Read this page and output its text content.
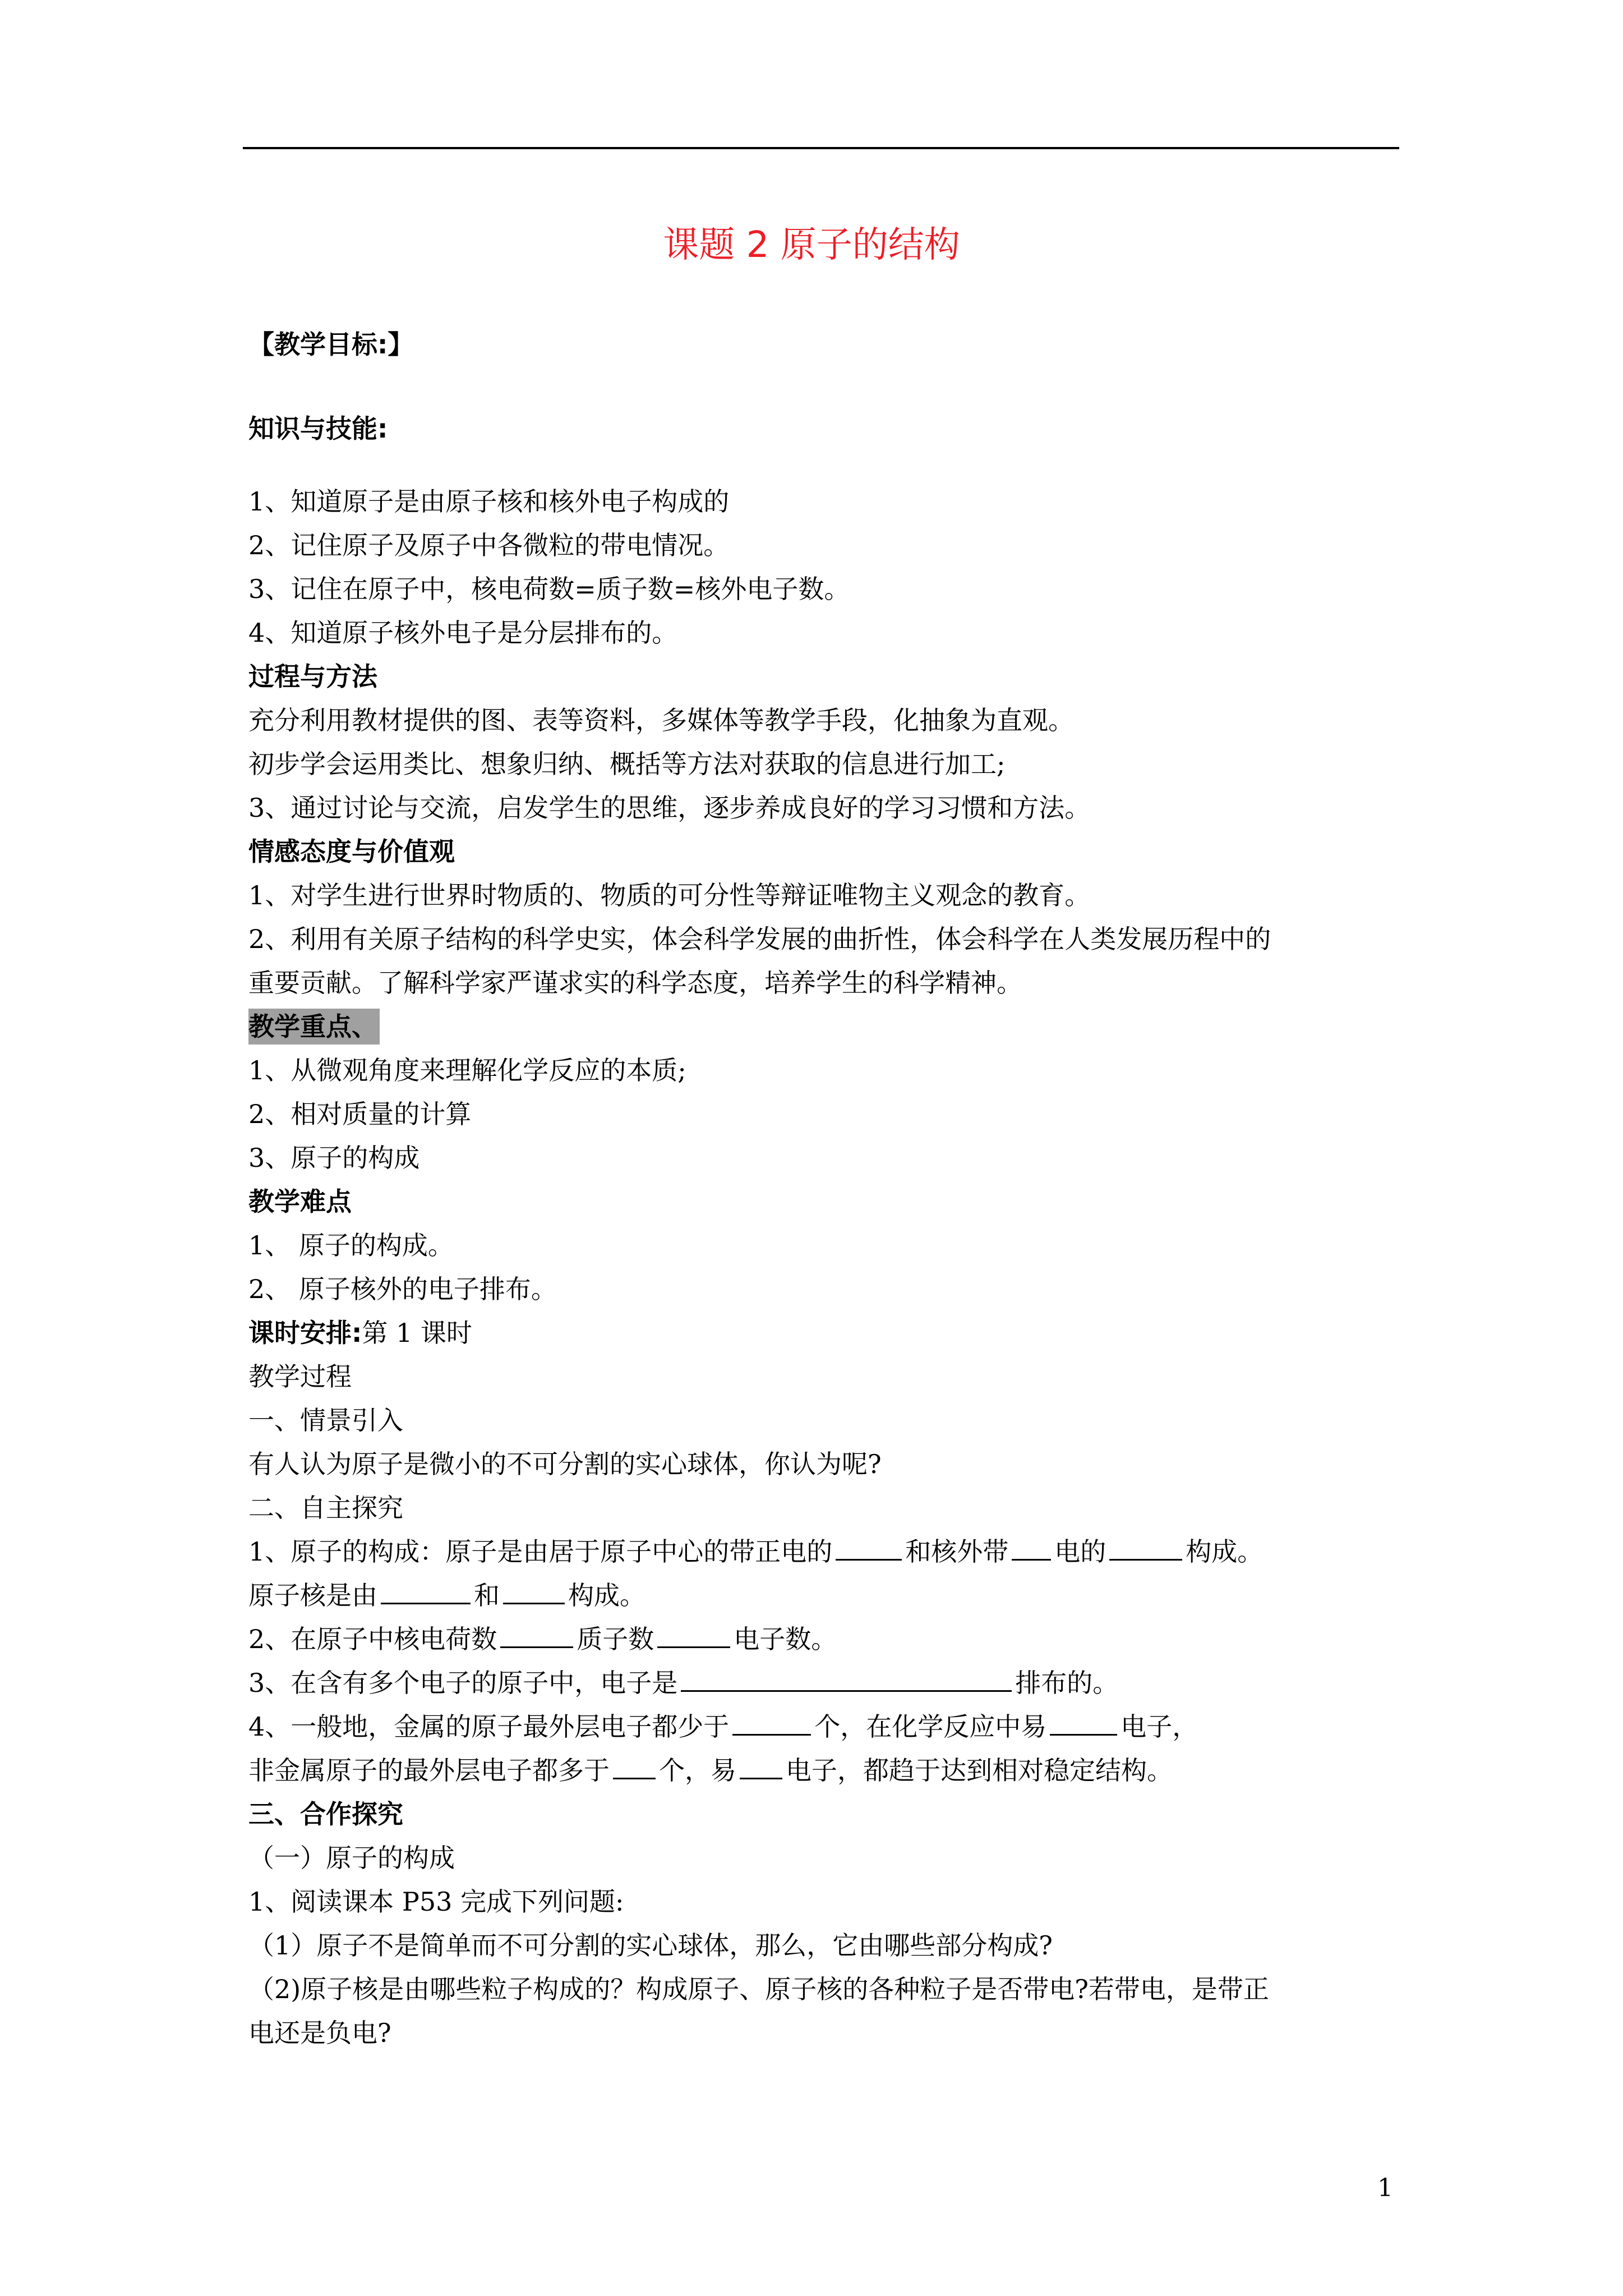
课题 2 原子的结构
【教学目标:】
知识与技能:
1、知道原子是由原子核和核外电子构成的
2、记住原子及原子中各微粒的带电情况。
3、记住在原子中，核电荷数=质子数=核外电子数。
4、知道原子核外电子是分层排布的。
过程与方法
充分利用教材提供的图、表等资料，多媒体等教学手段，化抽象为直观。
初步学会运用类比、想象归纳、概括等方法对获取的信息进行加工;
3、通过讨论与交流，启发学生的思维，逐步养成良好的学习习惯和方法。
情感态度与价值观
1、对学生进行世界时物质的、物质的可分性等辩证唯物主义观念的教育。
2、利用有关原子结构的科学史实，体会科学发展的曲折性，体会科学在人类发展历程中的
重要贡献。了解科学家严谨求实的科学态度，培养学生的科学精神。
教学重点、
1、从微观角度来理解化学反应的本质;
2、相对质量的计算
3、原子的构成
教学难点
1、 原子的构成。
2、 原子核外的电子排布。
课时安排:第 1 课时
教学过程
一、情景引入
有人认为原子是微小的不可分割的实心球体，你认为呢?
二、自主探究
1、原子的构成：原子是由居于原子中心的带正电的	和核外带 电的	构成。
原子核是由	和	构成。
2、在原子中核电荷数	质子数	电子数。
3、在含有多个电子的原子中，电子是	排布的。
4、一般地，金属的原子最外层电子都少于	个，在化学反应中易	电子，
非金属原子的最外层电子都多于 个，易 电子，都趋于达到相对稳定结构。
三、合作探究
（一）原子的构成
1、阅读课本 P53 完成下列问题:
（1）原子不是简单而不可分割的实心球体，那么，它由哪些部分构成?
（2)原子核是由哪些粒子构成的？构成原子、原子核的各种粒子是否带电?若带电，是带正
电还是负电?
1
